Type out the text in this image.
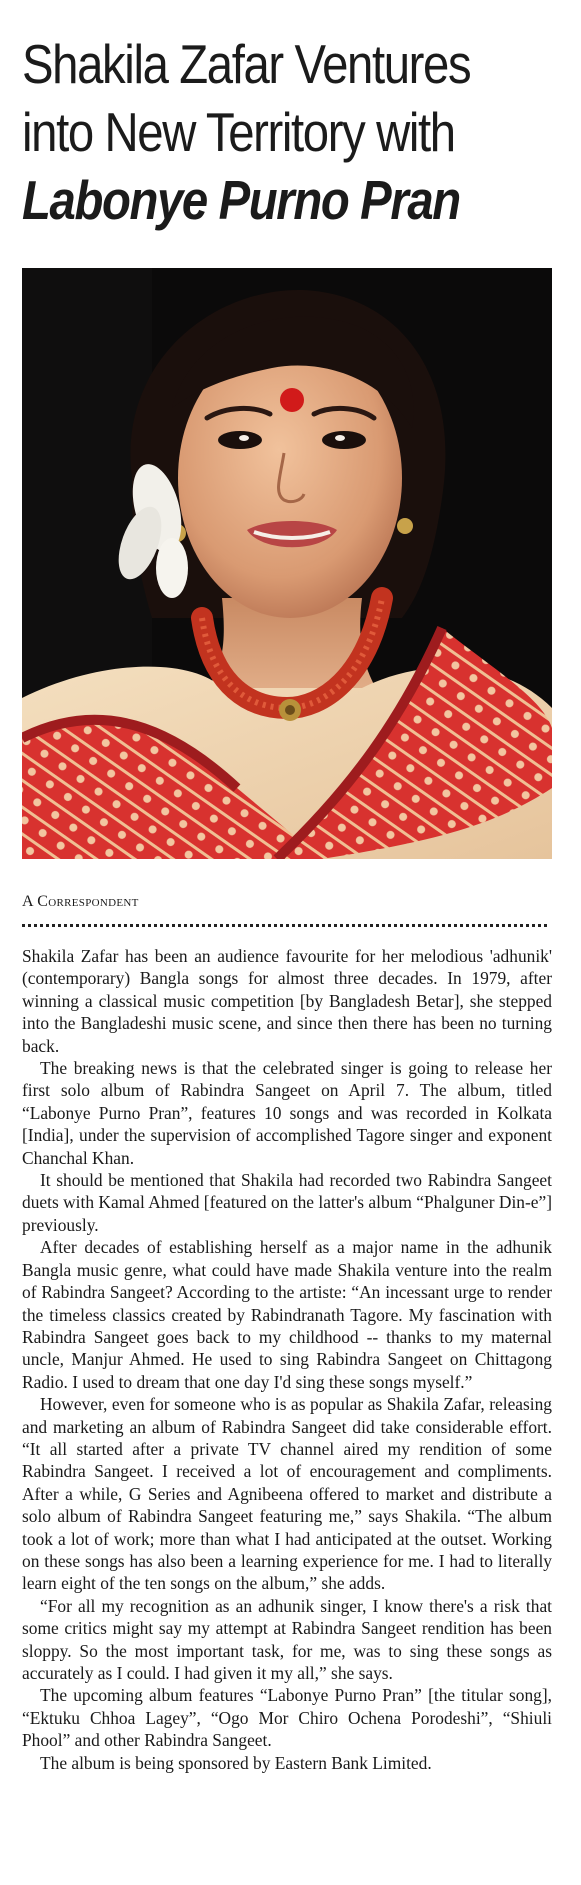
Shakila Zafar Ventures
into New Territory with
Labonye Purno Pran
A Correspondent

Shakila Zafar has been an audience favourite for her melodious 'adhunik' (contemporary) Bangla songs for almost three decades. In 1979, after winning a classical music competition [by Bangladesh Betar], she stepped into the Bangladeshi music scene, and since then there has been no turning back.

The breaking news is that the celebrated singer is going to release her first solo album of Rabindra Sangeet on April 7. The album, titled “Labonye Purno Pran”, features 10 songs and was recorded in Kolkata [India], under the supervision of accomplished Tagore singer and exponent Chanchal Khan.

It should be mentioned that Shakila had recorded two Rabindra Sangeet duets with Kamal Ahmed [featured on the latter's album “Phalguner Din-e”] previously.

After decades of establishing herself as a major name in the adhunik Bangla music genre, what could have made Shakila venture into the realm of Rabindra Sangeet? According to the artiste: “An incessant urge to render the timeless classics created by Rabindranath Tagore. My fascination with Rabindra Sangeet goes back to my childhood -- thanks to my maternal uncle, Manjur Ahmed. He used to sing Rabindra Sangeet on Chittagong Radio. I used to dream that one day I'd sing these songs myself.”

However, even for someone who is as popular as Shakila Zafar, releasing and marketing an album of Rabindra Sangeet did take considerable effort. “It all started after a private TV channel aired my rendition of some Rabindra Sangeet. I received a lot of encouragement and compliments. After a while, G Series and Agnibeena offered to market and distribute a solo album of Rabindra Sangeet featuring me,” says Shakila. “The album took a lot of work; more than what I had anticipated at the outset. Working on these songs has also been a learning experience for me. I had to literally learn eight of the ten songs on the album,” she adds.

“For all my recognition as an adhunik singer, I know there's a risk that some critics might say my attempt at Rabindra Sangeet rendition has been sloppy. So the most important task, for me, was to sing these songs as accurately as I could. I had given it my all,” she says.

The upcoming album features “Labonye Purno Pran” [the titular song], “Ektuku Chhoa Lagey”, “Ogo Mor Chiro Ochena Porodeshi”, “Shiuli Phool” and other Rabindra Sangeet.

The album is being sponsored by Eastern Bank Limited.
